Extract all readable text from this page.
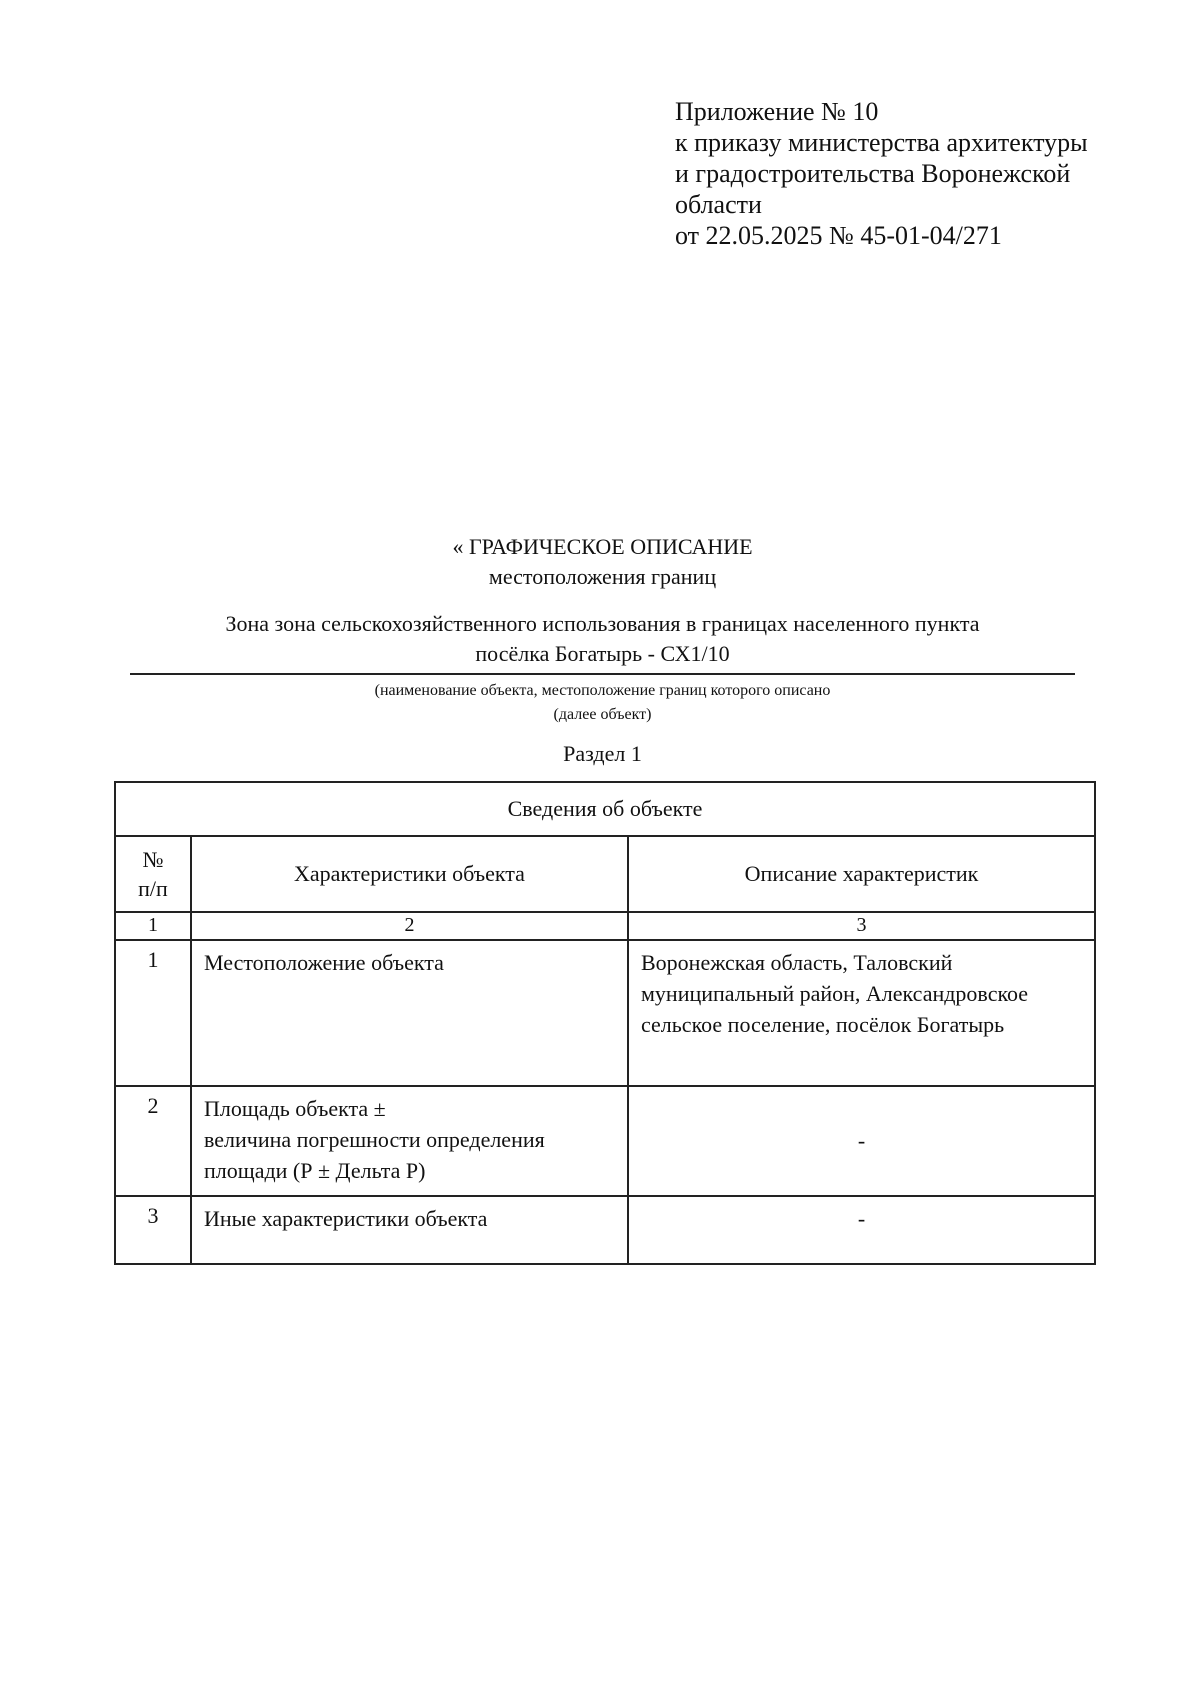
Приложение № 10
к приказу министерства архитектуры
и градостроительства Воронежской
области
от 22.05.2025 № 45-01-04/271
« ГРАФИЧЕСКОЕ ОПИСАНИЕ
местоположения границ
Зона зона сельскохозяйственного использования в границах населенного пункта
посёлка Богатырь - СХ1/10
(наименование объекта, местоположение границ которого описано
(далее объект)
Раздел 1
Сведения об объекте		

№
п/п	Характеристики объекта	Описание характеристик
1	2	3
1	Местоположение объекта	Воронежская область, Таловский
муниципальный район, Александровское
сельское поселение, посёлок Богатырь

2	Площадь объекта ±
величина погрешности определения
площади (Р ± Дельта Р)	-
3	Иные характеристики объекта	-
